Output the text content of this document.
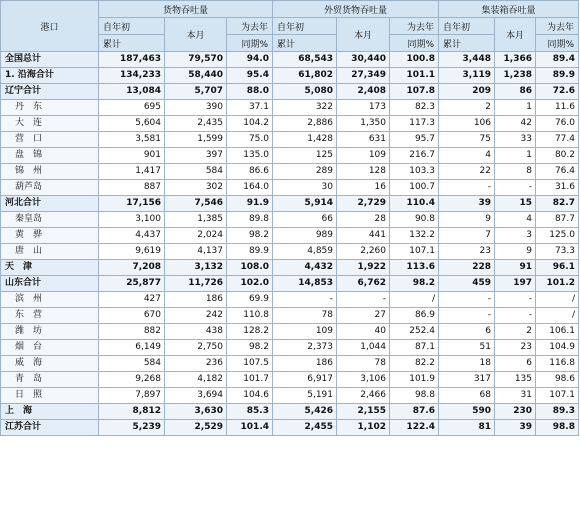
港口	货物吞吐量			外贸货物吞吐量			集装箱吞吐量		
	自年初	本月	为去年	自年初	本月	为去年	自年初	本月	为去年
	累计		同期%	累计		同期%	累计		同期%
全国总计	187,463	79,570	94.0	68,543	30,440	100.8	3,448	1,366	89.4
1. 沿海合计	134,233	58,440	95.4	61,802	27,349	101.1	3,119	1,238	89.9
辽宁合计	13,084	5,707	88.0	5,080	2,408	107.8	209	86	72.6
丹　东	695	390	37.1	322	173	82.3	2	1	11.6
大　连	5,604	2,435	104.2	2,886	1,350	117.3	106	42	76.0
营　口	3,581	1,599	75.0	1,428	631	95.7	75	33	77.4
盘　锦	901	397	135.0	125	109	216.7	4	1	80.2
锦　州	1,417	584	86.6	289	128	103.3	22	8	76.4
葫芦岛	887	302	164.0	30	16	100.7	-	-	31.6
河北合计	17,156	7,546	91.9	5,914	2,729	110.4	39	15	82.7
秦皇岛	3,100	1,385	89.8	66	28	90.8	9	4	87.7
黄　骅	4,437	2,024	98.2	989	441	132.2	7	3	125.0
唐　山	9,619	4,137	89.9	4,859	2,260	107.1	23	9	73.3
天　津	7,208	3,132	108.0	4,432	1,922	113.6	228	91	96.1
山东合计	25,877	11,726	102.0	14,853	6,762	98.2	459	197	101.2
滨　州	427	186	69.9	-	-	/	-	-	/
东　营	670	242	110.8	78	27	86.9	-	-	/
潍　坊	882	438	128.2	109	40	252.4	6	2	106.1
烟　台	6,149	2,750	98.2	2,373	1,044	87.1	51	23	104.9
威　海	584	236	107.5	186	78	82.2	18	6	116.8
青　岛	9,268	4,182	101.7	6,917	3,106	101.9	317	135	98.6
日　照	7,897	3,694	104.6	5,191	2,466	98.8	68	31	107.1
上　海	8,812	3,630	85.3	5,426	2,155	87.6	590	230	89.3
江苏合计	5,239	2,529	101.4	2,455	1,102	122.4	81	39	98.8
